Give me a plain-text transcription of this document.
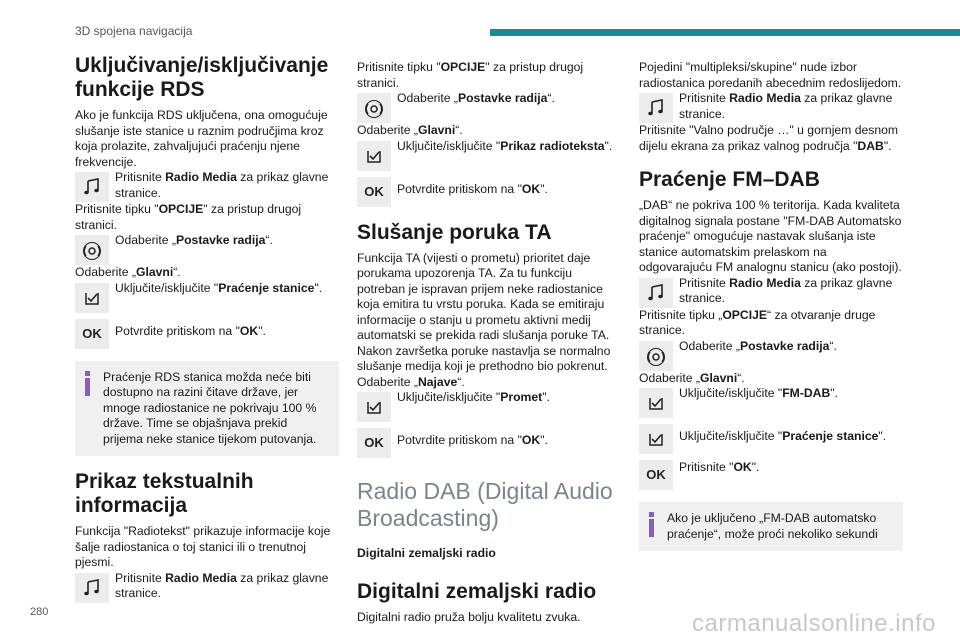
3D spojena navigacija
Uključivanje/isključivanje funkcije RDS

Ako je funkcija RDS uključena, ona omogućuje slušanje iste stanice u raznim područjima kroz koja prolazite, zahvaljujući praćenju njene frekvencije.

Pritisnite Radio Media za prikaz glavne stranice.

Pritisnite tipku "OPCIJE" za pristup drugoj stranici.

Odaberite „Postavke radija“.

Odaberite „Glavni“.

Uključite/isključite "Praćenje stanice".
OK	Potvrdite pritiskom na "OK".

Praćenje RDS stanica možda neće biti dostupno na razini čitave države, jer mnoge radiostanice ne pokrivaju 100 % države. Time se objašnjava prekid prijema neke stanice tijekom putovanja.

Prikaz tekstualnih informacija

Funkcija "Radiotekst" prikazuje informacije koje šalje radiostanica o toj stanici ili o trenutnoj pjesmi.

Pritisnite Radio Media za prikaz glavne stranice.

Pritisnite tipku "OPCIJE" za pristup drugoj stranici.

Odaberite „Postavke radija“.

Odaberite „Glavni“.

Uključite/isključite "Prikaz radioteksta".
OK	Potvrdite pritiskom na "OK".
Slušanje poruka TA

Funkcija TA (vijesti o prometu) prioritet daje porukama upozorenja TA. Za tu funkciju potreban je ispravan prijem neke radiostanice koja emitira tu vrstu poruka. Kada se emitiraju informacije o stanju u prometu aktivni medij automatski se prekida radi slušanja poruke TA. Nakon završetka poruke nastavlja se normalno slušanje medija koji je prethodno bio pokrenut.

Odaberite „Najave“.

Uključite/isključite "Promet".
OK	Potvrdite pritiskom na "OK".
Radio DAB (Digital Audio Broadcasting)
Digitalni zemaljski radio
Digitalni zemaljski radio

Digitalni radio pruža bolju kvalitetu zvuka.

Pojedini "multipleksi/skupine" nude izbor radiostanica poredanih abecednim redoslijedom.

Pritisnite Radio Media za prikaz glavne stranice.

Pritisnite "Valno područje …" u gornjem desnom dijelu ekrana za prikaz valnog područja "DAB".

Praćenje FM–DAB

„DAB“ ne pokriva 100 % teritorija. Kada kvaliteta digitalnog signala postane "FM-DAB Automatsko praćenje" omogućuje nastavak slušanja iste stanice automatskim prelaskom na odgovarajuću FM analognu stanicu (ako postoji).

Pritisnite Radio Media za prikaz glavne stranice.

Pritisnite tipku „OPCIJE“ za otvaranje druge stranice.

Odaberite „Postavke radija“.

Odaberite „Glavni“.

Uključite/isključite "FM-DAB".
Uključite/isključite "Praćenje stanice".
OK
Pritisnite "OK".

Ako je uključeno „FM-DAB automatsko praćenje“, može proći nekoliko sekundi

280	carmanualsonline.info
